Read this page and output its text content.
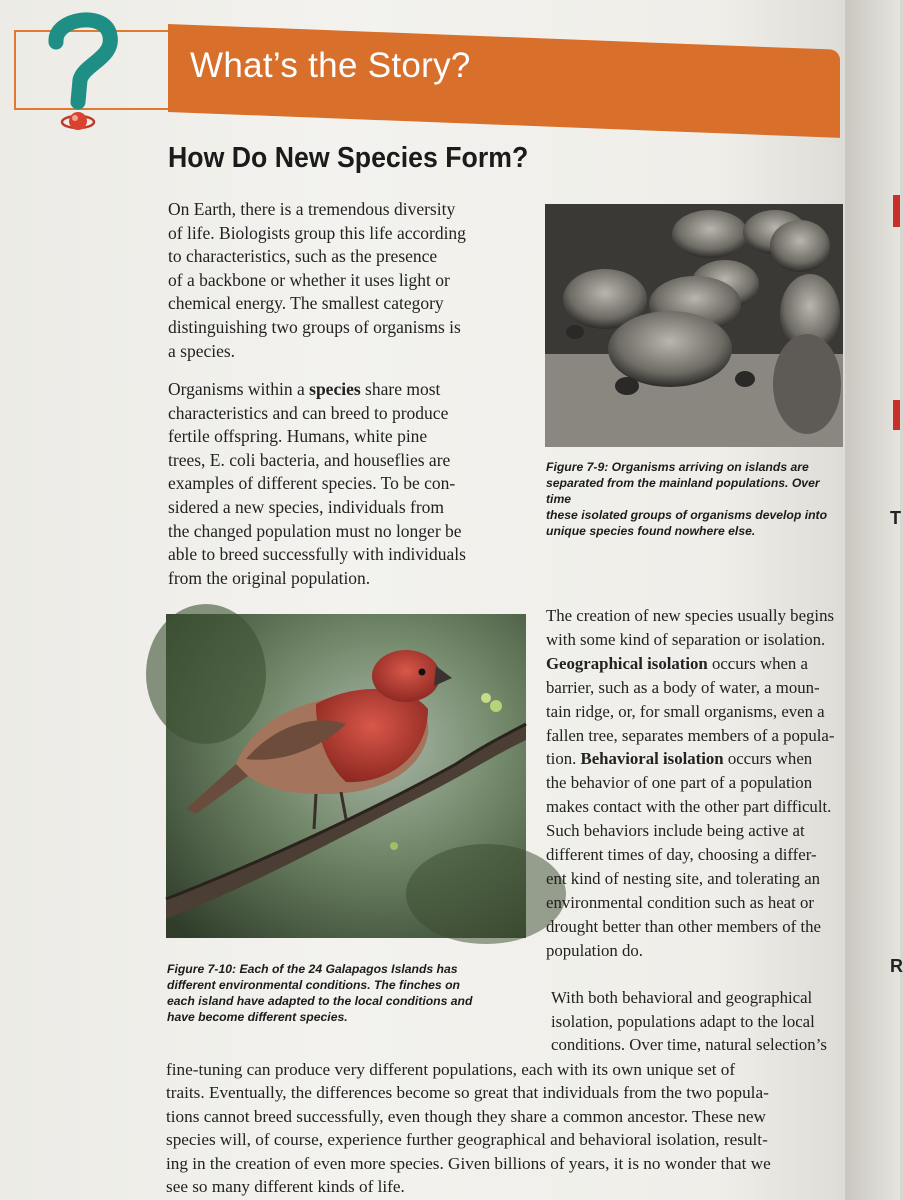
What’s the Story?
How Do New Species Form?
On Earth, there is a tremendous diversity
of life. Biologists group this life according
to characteristics, such as the presence
of a backbone or whether it uses light or
chemical energy. The smallest category
distinguishing two groups of organisms is
a species.
Organisms within a species share most
characteristics and can breed to produce
fertile offspring. Humans, white pine
trees, E. coli bacteria, and houseflies are
examples of different species. To be con-
sidered a new species, individuals from
the changed population must no longer be
able to breed successfully with individuals
from the original population.
Figure 7-9: Organisms arriving on islands are
separated from the mainland populations. Over time
these isolated groups of organisms develop into
unique species found nowhere else.
Figure 7-10: Each of the 24 Galapagos Islands has
different environmental conditions. The finches on
each island have adapted to the local conditions and
have become different species.
The creation of new species usually begins
with some kind of separation or isolation.
Geographical isolation occurs when a
barrier, such as a body of water, a moun-
tain ridge, or, for small organisms, even a
fallen tree, separates members of a popula-
tion. Behavioral isolation occurs when
the behavior of one part of a population
makes contact with the other part difficult.
Such behaviors include being active at
different times of day, choosing a differ-
ent kind of nesting site, and tolerating an
environmental condition such as heat or
drought better than other members of the
population do.
With both behavioral and geographical
isolation, populations adapt to the local
conditions. Over time, natural selection’s
fine-tuning can produce very different populations, each with its own unique set of
traits. Eventually, the differences become so great that individuals from the two popula-
tions cannot breed successfully, even though they share a common ancestor. These new
species will, of course, experience further geographical and behavioral isolation, result-
ing in the creation of even more species. Given billions of years, it is no wonder that we
see so many different kinds of life.
T
R
